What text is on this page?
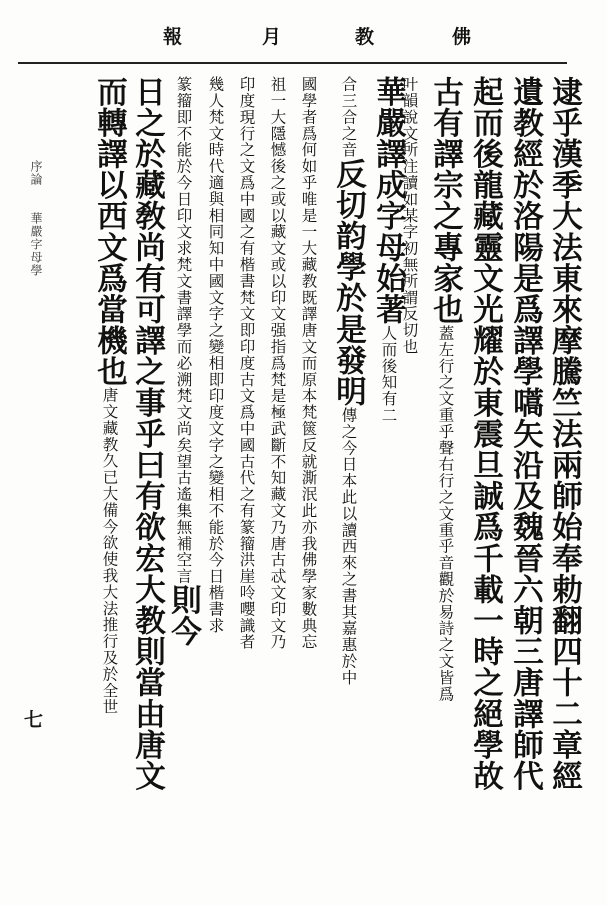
報	月	教	佛
逮乎漢季大法東來摩騰竺法兩師始奉勅翻四十二章經
遺教經於洛陽是爲譯學嚆矢沿及魏晉六朝三唐譯師代
起而後龍藏靈文光耀於東震旦誠爲千載一時之絕學故
古有譯宗之專家也蓋左行之文重乎聲右行之文重乎音觀於易詩之文皆爲
叶韻說文所注讀如某字初無所謂反切也
華嚴譯成字母始著人而後知有二
合三合之音反切韵學於是發明傳之今日本此以讀西來之書其嘉惠於中
國學者爲何如乎唯是一大藏教既譯唐文而原本梵篋反就澌泯此亦我佛學家數典忘
祖一大隱憾後之或以藏文或以印文强指爲梵是極武斷不知藏文乃唐古忒文印文乃
印度現行之文爲中國之有楷書梵文即印度古文爲中國古代之有篆籀洪崖呤嚶識者
幾人梵文時代適與相同知中國文字之變相即印度文字之變相不能於今日楷書求
篆籀即不能於今日印文求梵文書譯學而必溯梵文尚矣望古遙集無補空言則今
日之於藏敎尚有可譯之事乎曰有欲宏大教則當由唐文
而轉譯以西文爲當機也唐文藏教久已大備今欲使我大法推行及於全世
序論　　華嚴字母學
七
